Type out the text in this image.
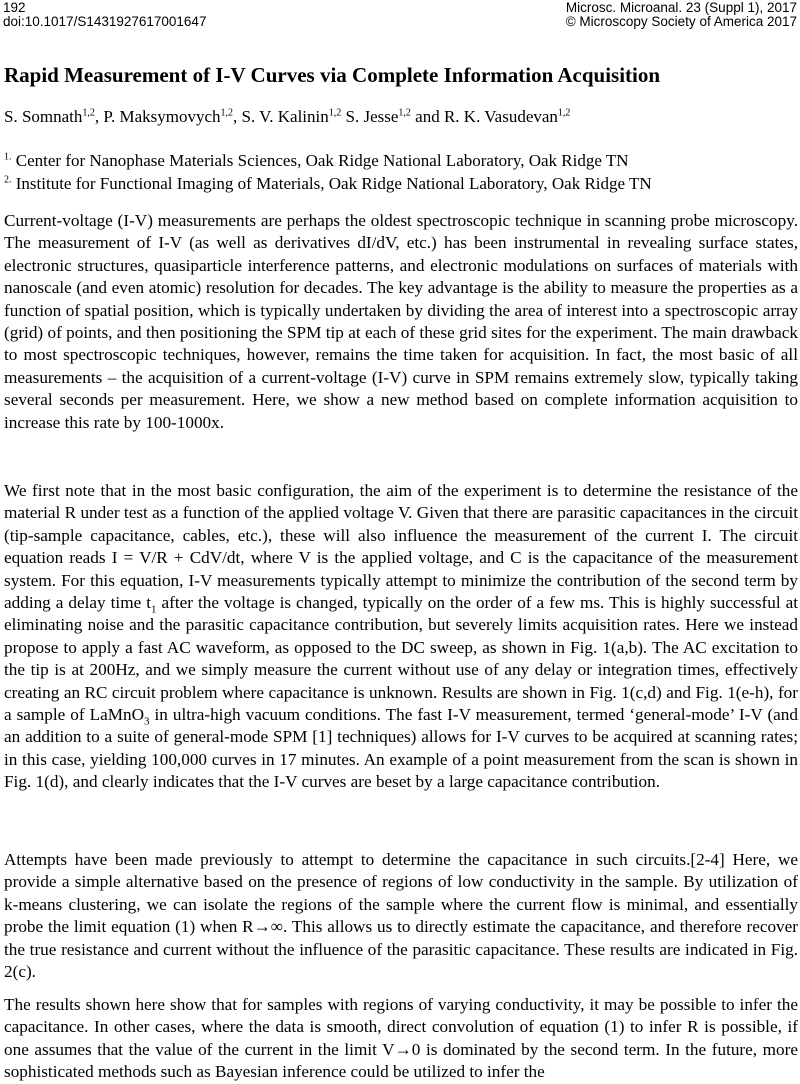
192
doi:10.1017/S1431927617001647
Microsc. Microanal. 23 (Suppl 1), 2017
© Microscopy Society of America 2017
Rapid Measurement of I-V Curves via Complete Information Acquisition
S. Somnath$^{1,2}$, P. Maksymovych$^{1,2}$, S. V. Kalinin$^{1,2}$ S. Jesse$^{1,2}$ and R. K. Vasudevan$^{1,2}$
$^{1.}$ Center for Nanophase Materials Sciences, Oak Ridge National Laboratory, Oak Ridge TN
$^{2.}$ Institute for Functional Imaging of Materials, Oak Ridge National Laboratory, Oak Ridge TN

Current-voltage (I-V) measurements are perhaps the oldest spectroscopic technique in scanning probe microscopy. The measurement of I-V (as well as derivatives dI/dV, etc.) has been instrumental in revealing surface states, electronic structures, quasiparticle interference patterns, and electronic modulations on surfaces of materials with nanoscale (and even atomic) resolution for decades. The key advantage is the ability to measure the properties as a function of spatial position, which is typically undertaken by dividing the area of interest into a spectroscopic array (grid) of points, and then positioning the SPM tip at each of these grid sites for the experiment. The main drawback to most spectroscopic techniques, however, remains the time taken for acquisition. In fact, the most basic of all measurements – the acquisition of a current-voltage (I-V) curve in SPM remains extremely slow, typically taking several seconds per measurement. Here, we show a new method based on complete information acquisition to increase this rate by 100-1000x.

We first note that in the most basic configuration, the aim of the experiment is to determine the resistance of the material R under test as a function of the applied voltage V. Given that there are parasitic capacitances in the circuit (tip-sample capacitance, cables, etc.), these will also influence the measurement of the current I. The circuit equation reads I = V/R + CdV/dt, where V is the applied voltage, and C is the capacitance of the measurement system. For this equation, I-V measurements typically attempt to minimize the contribution of the second term by adding a delay time $t_1$ after the voltage is changed, typically on the order of a few ms. This is highly successful at eliminating noise and the parasitic capacitance contribution, but severely limits acquisition rates. Here we instead propose to apply a fast AC waveform, as opposed to the DC sweep, as shown in Fig. 1(a,b). The AC excitation to the tip is at 200Hz, and we simply measure the current without use of any delay or integration times, effectively creating an RC circuit problem where capacitance is unknown. Results are shown in Fig. 1(c,d) and Fig. 1(e-h), for a sample of LaMnO$_3$ in ultra-high vacuum conditions. The fast I-V measurement, termed ‘general-mode’ I-V (and an addition to a suite of general-mode SPM [1] techniques) allows for I-V curves to be acquired at scanning rates; in this case, yielding 100,000 curves in 17 minutes. An example of a point measurement from the scan is shown in Fig. 1(d), and clearly indicates that the I-V curves are beset by a large capacitance contribution.

Attempts have been made previously to attempt to determine the capacitance in such circuits.[2-4] Here, we provide a simple alternative based on the presence of regions of low conductivity in the sample. By utilization of k-means clustering, we can isolate the regions of the sample where the current flow is minimal, and essentially probe the limit equation (1) when R→∞. This allows us to directly estimate the capacitance, and therefore recover the true resistance and current without the influence of the parasitic capacitance. These results are indicated in Fig. 2(c).

The results shown here show that for samples with regions of varying conductivity, it may be possible to infer the capacitance. In other cases, where the data is smooth, direct convolution of equation (1) to infer R is possible, if one assumes that the value of the current in the limit V→0 is dominated by the second term. In the future, more sophisticated methods such as Bayesian inference could be utilized to infer the
